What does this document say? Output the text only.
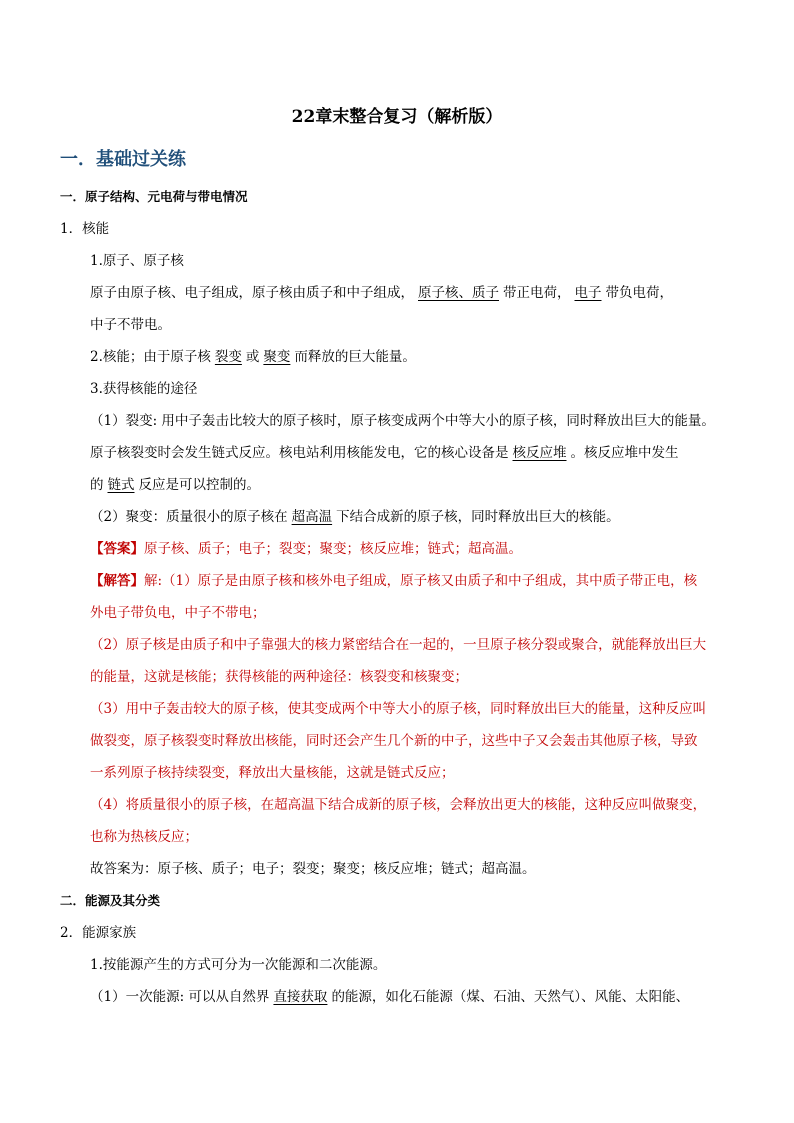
22章末整合复习（解析版）
一．基础过关练
一．原子结构、元电荷与带电情况
1．核能
1.原子、原子核
原子由原子核、电子组成，原子核由质子和中子组成， 原子核、质子 带正电荷， 电子 带负电荷，
中子不带电。
2.核能；由于原子核 裂变 或 聚变 而释放的巨大能量。
3.获得核能的途径
（1）裂变: 用中子轰击比较大的原子核时，原子核变成两个中等大小的原子核，同时释放出巨大的能量。
原子核裂变时会发生链式反应。核电站利用核能发电，它的核心设备是 核反应堆 。核反应堆中发生
的 链式 反应是可以控制的。
（2）聚变：质量很小的原子核在 超高温 下结合成新的原子核，同时释放出巨大的核能。
【答案】原子核、质子；电子；裂变；聚变；核反应堆；链式；超高温。
【解答】解:（1）原子是由原子核和核外电子组成，原子核又由质子和中子组成，其中质子带正电，核
外电子带负电，中子不带电；
（2）原子核是由质子和中子靠强大的核力紧密结合在一起的，一旦原子核分裂或聚合，就能释放出巨大
的能量，这就是核能；获得核能的两种途径：核裂变和核聚变；
（3）用中子轰击较大的原子核，使其变成两个中等大小的原子核，同时释放出巨大的能量，这种反应叫
做裂变，原子核裂变时释放出核能，同时还会产生几个新的中子，这些中子又会轰击其他原子核，导致
一系列原子核持续裂变，释放出大量核能，这就是链式反应；
（4）将质量很小的原子核，在超高温下结合成新的原子核，会释放出更大的核能，这种反应叫做聚变，
也称为热核反应；
故答案为：原子核、质子；电子；裂变；聚变；核反应堆；链式；超高温。
二．能源及其分类
2．能源家族
1.按能源产生的方式可分为一次能源和二次能源。
（1）一次能源: 可以从自然界 直接获取 的能源，如化石能源（煤、石油、天然气）、风能、太阳能、
